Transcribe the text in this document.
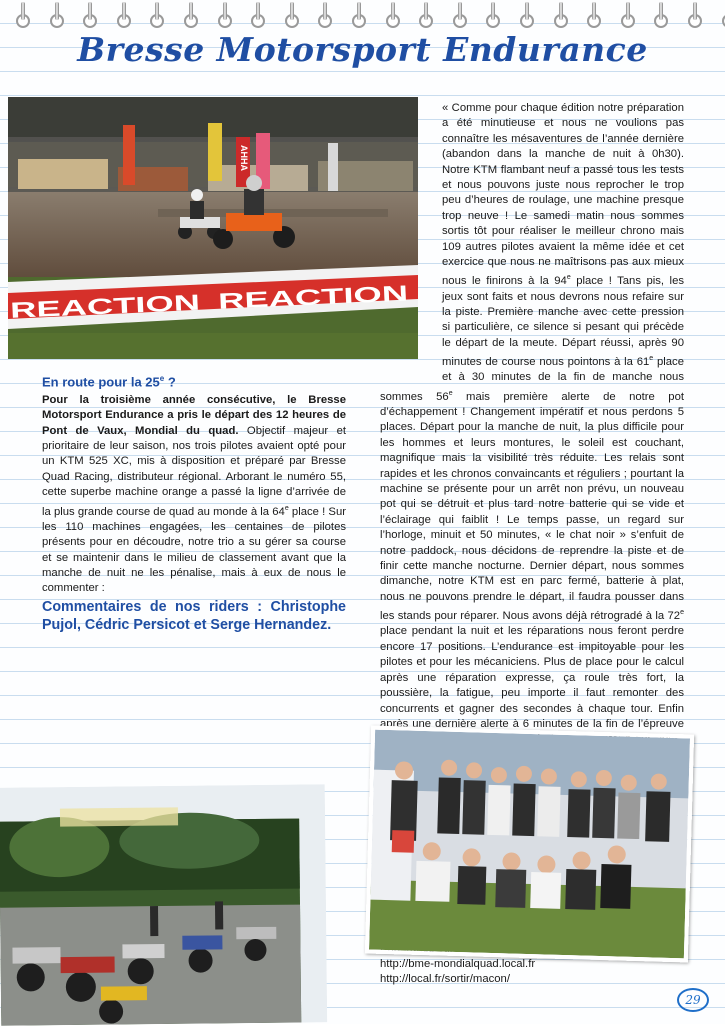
Bresse Motorsport Endurance
AHHA
REACTION	REACTION
En route pour la 25e ?

Pour la troisième année consécutive, le Bresse Motorsport Endurance a pris le départ des 12 heures de Pont de Vaux, Mondial du quad. Objectif majeur et prioritaire de leur saison, nos trois pilotes avaient opté pour un KTM 525 XC, mis à disposition et préparé par Bresse Quad Racing, distributeur régional. Arborant le numéro 55, cette superbe machine orange a passé la ligne d’arrivée de la plus grande course de quad au monde à la 64e place ! Sur les 110 machines engagées, les centaines de pilotes présents pour en découdre, notre trio a su gérer sa course et se maintenir dans le milieu de classement avant que la manche de nuit ne les pénalise, mais à eux de nous le commenter :

Commentaires de nos riders : Christophe Pujol, Cédric Persicot et Serge Hernandez.

« Comme pour chaque édition notre préparation a été minutieuse et nous ne voulions pas connaître les mésaventures de l’année dernière (abandon dans la manche de nuit à 0h30). Notre KTM flambant neuf a passé tous les tests et nous pouvons juste nous reprocher le trop peu d’heures de roulage, une machine presque trop neuve ! Le samedi matin nous sommes sortis tôt pour réaliser le meilleur chrono mais 109 autres pilotes avaient la même idée et cet exercice que nous ne maîtrisons pas aux mieux nous le finirons à la 94e place ! Tans pis, les jeux sont faits et nous devrons nous refaire sur la piste. Première manche avec cette pression si particulière, ce silence si pesant qui précède le départ de la meute. Départ réussi, après 90 minutes de course nous pointons à la 61e place et à 30 minutes de la fin de manche nous sommes 56e mais première alerte de notre pot d’échappement ! Changement impératif et nous perdons 5 places. Départ pour la manche de nuit, la plus difficile pour les hommes et leurs montures, le soleil est couchant, magnifique mais la visibilité très réduite. Les relais sont rapides et les chronos convaincants et réguliers ; pourtant la machine se présente pour un arrêt non prévu, un nouveau pot qui se détruit et plus tard notre batterie qui se vide et l’éclairage qui faiblit ! Le temps passe, un regard sur l’horloge, minuit et 50 minutes, « le chat noir » s’enfuit de notre paddock, nous décidons de reprendre la piste et de finir cette manche nocturne. Dernier départ, nous sommes dimanche, notre KTM est en parc fermé, batterie à plat, nous ne pouvons prendre le départ, il faudra pousser dans les stands pour réparer. Nous avons déjà rétrogradé à la 72e place pendant la nuit et les réparations nous feront perdre encore 17 positions. L’endurance est impitoyable pour les pilotes et pour les mécaniciens. Plus de place pour le calcul après une réparation expresse, ça roule très fort, la poussière, la fatigue, peu importe il faut remonter des concurrents et gagner des secondes à chaque tour. Enfin après une dernière alerte à 6 minutes de la fin de l’épreuve

http://bme-mondialquad.local.fr

http://local.fr/sortir/macon/

29
